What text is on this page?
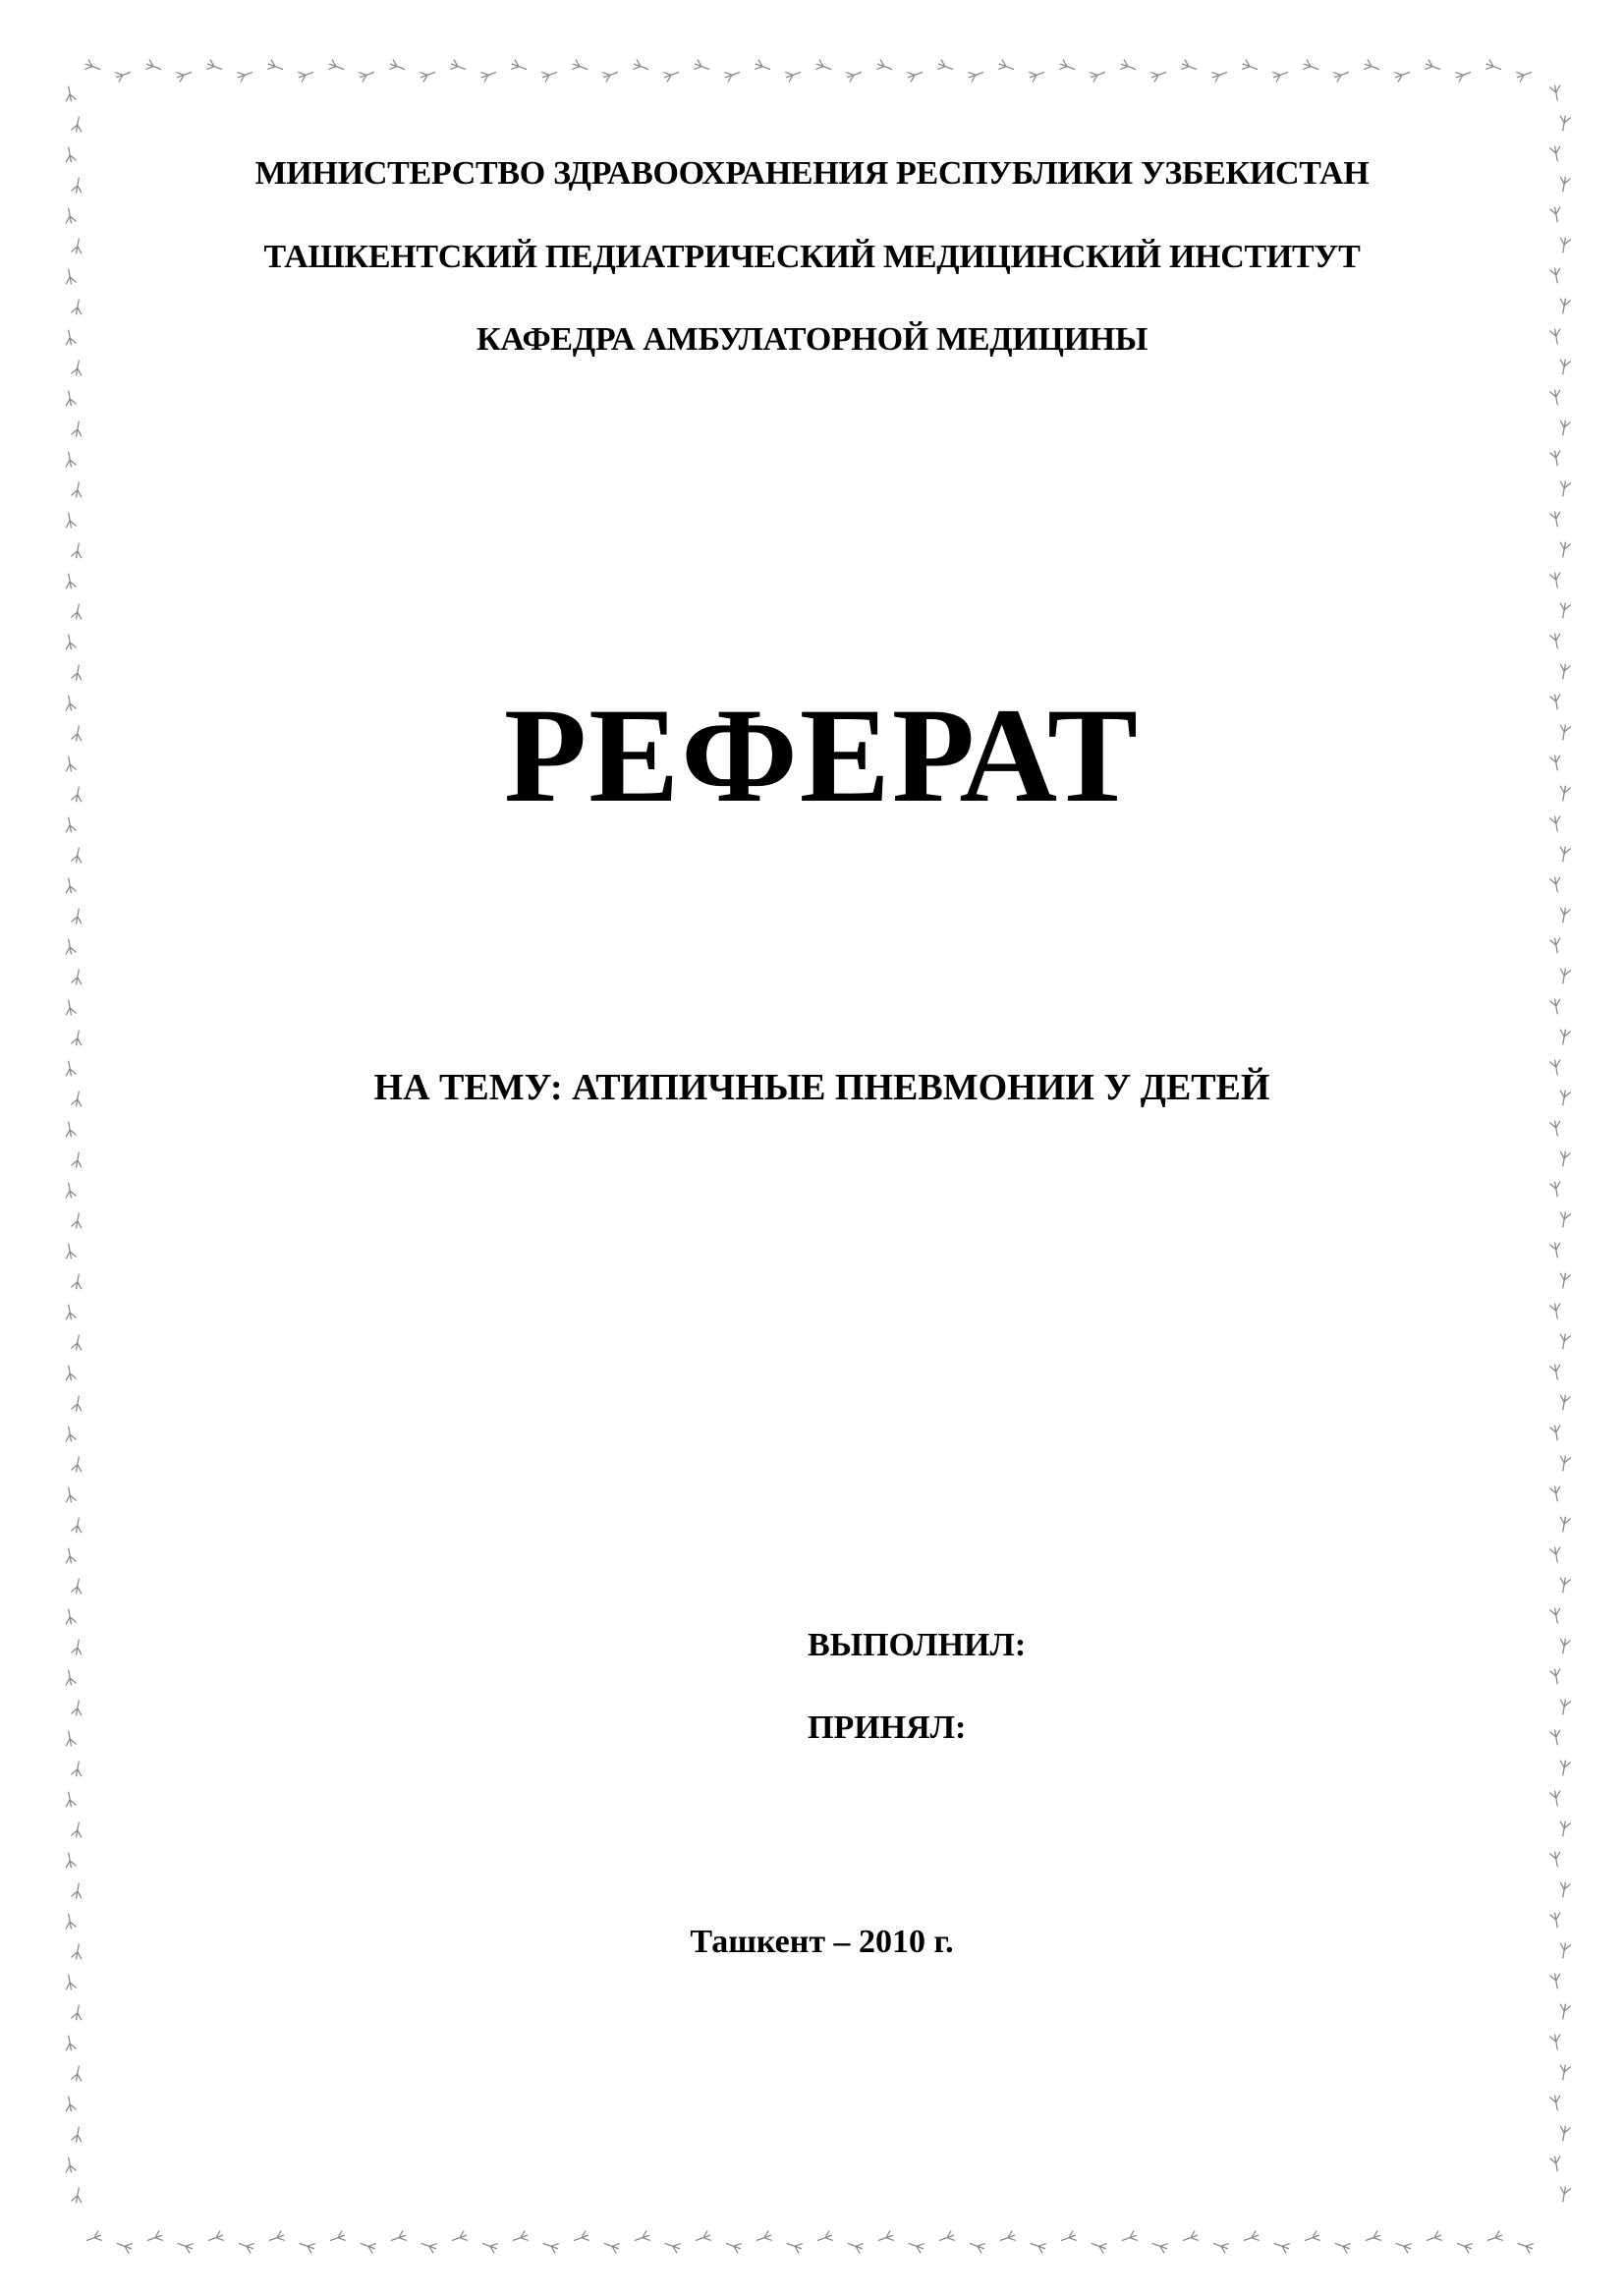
МИНИСТЕРСТВО ЗДРАВООХРАНЕНИЯ РЕСПУБЛИКИ УЗБЕКИСТАН
ТАШКЕНТСКИЙ ПЕДИАТРИЧЕСКИЙ МЕДИЦИНСКИЙ ИНСТИТУТ
КАФЕДРА АМБУЛАТОРНОЙ МЕДИЦИНЫ
РЕФЕРАТ
НА ТЕМУ: АТИПИЧНЫЕ ПНЕВМОНИИ У ДЕТЕЙ
ВЫПОЛНИЛ:
ПРИНЯЛ:
Ташкент – 2010 г.
